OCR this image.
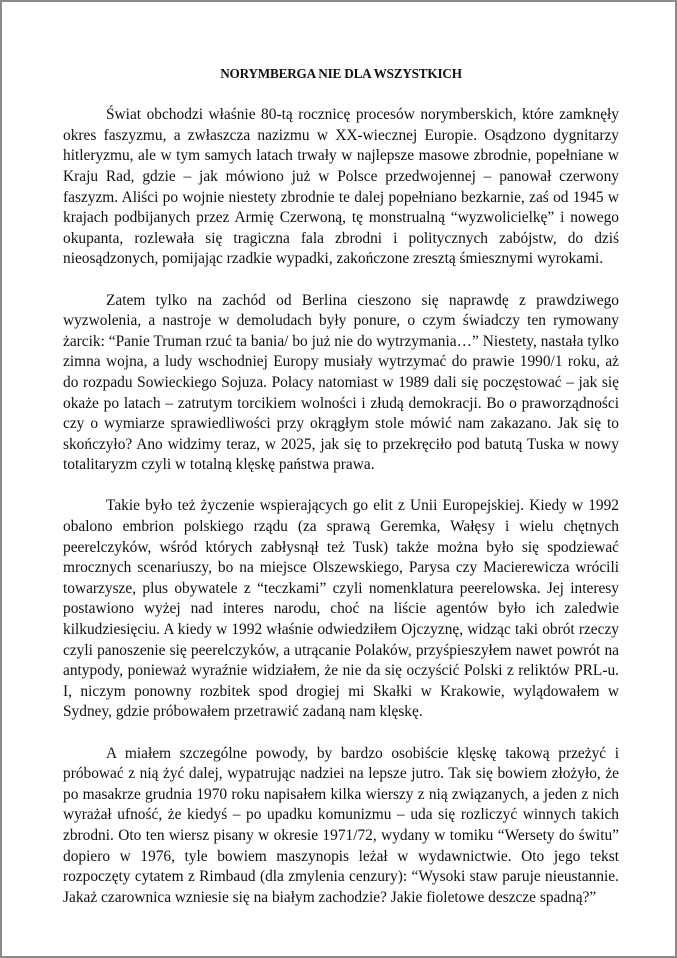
NORYMBERGA NIE DLA WSZYSTKICH

Świat obchodzi właśnie 80-tą rocznicę procesów norymberskich, które zamknęły okres faszyzmu, a zwłaszcza nazizmu w XX-wiecznej Europie. Osądzono dygnitarzy hitleryzmu, ale w tym samych latach trwały w najlepsze masowe zbrodnie, popełniane w Kraju Rad, gdzie – jak mówiono już w Polsce przedwojennej – panował czerwony faszyzm. Aliści po wojnie niestety zbrodnie te dalej popełniano bezkarnie, zaś od 1945 w krajach podbijanych przez Armię Czerwoną, tę monstrualną “wyzwolicielkę” i nowego okupanta, rozlewała się tragiczna fala zbrodni i politycznych zabójstw, do dziś nieosądzonych, pomijając rzadkie wypadki, zakończone zresztą śmiesznymi wyrokami.

Zatem tylko na zachód od Berlina cieszono się naprawdę z prawdziwego wyzwolenia, a nastroje w demoludach były ponure, o czym świadczy ten rymowany żarcik: “Panie Truman rzuć ta bania/ bo już nie do wytrzymania…” Niestety, nastała tylko zimna wojna, a ludy wschodniej Europy musiały wytrzymać do prawie 1990/1 roku, aż do rozpadu Sowieckiego Sojuza. Polacy natomiast w 1989 dali się poczęstować – jak się okaże po latach – zatrutym torcikiem wolności i złudą demokracji. Bo o praworządności czy o wymiarze sprawiedliwości przy okrągłym stole mówić nam zakazano. Jak się to skończyło? Ano widzimy teraz, w 2025, jak się to przekręciło pod batutą Tuska w nowy totalitaryzm czyli w totalną klęskę państwa prawa.

Takie było też życzenie wspierających go elit z Unii Europejskiej. Kiedy w 1992 obalono embrion polskiego rządu (za sprawą Geremka, Wałęsy i wielu chętnych peerelczyków, wśród których zabłysnął też Tusk) także można było się spodziewać mrocznych scenariuszy, bo na miejsce Olszewskiego, Parysa czy Macierewicza wrócili towarzysze, plus obywatele z “teczkami” czyli nomenklatura peerelowska. Jej interesy postawiono wyżej nad interes narodu, choć na liście agentów było ich zaledwie kilkudziesięciu. A kiedy w 1992 właśnie odwiedziłem Ojczyznę, widząc taki obrót rzeczy czyli panoszenie się peerelczyków, a utrącanie Polaków, przyśpieszyłem nawet powrót na antypody, ponieważ wyraźnie widziałem, że nie da się oczyścić Polski z reliktów PRL-u. I, niczym ponowny rozbitek spod drogiej mi Skałki w Krakowie, wylądowałem w Sydney, gdzie próbowałem przetrawić zadaną nam klęskę.

A miałem szczególne powody, by bardzo osobiście klęskę takową przeżyć i próbować z nią żyć dalej, wypatrując nadziei na lepsze jutro. Tak się bowiem złożyło, że po masakrze grudnia 1970 roku napisałem kilka wierszy z nią związanych, a jeden z nich wyrażał ufność, że kiedyś – po upadku komunizmu – uda się rozliczyć winnych takich zbrodni. Oto ten wiersz pisany w okresie 1971/72, wydany w tomiku “Wersety do świtu” dopiero w 1976, tyle bowiem maszynopis leżał w wydawnictwie. Oto jego tekst rozpoczęty cytatem z Rimbaud (dla zmylenia cenzury): “Wysoki staw paruje nieustannie. Jakaż czarownica wzniesie się na białym zachodzie? Jakie fioletowe deszcze spadną?”
